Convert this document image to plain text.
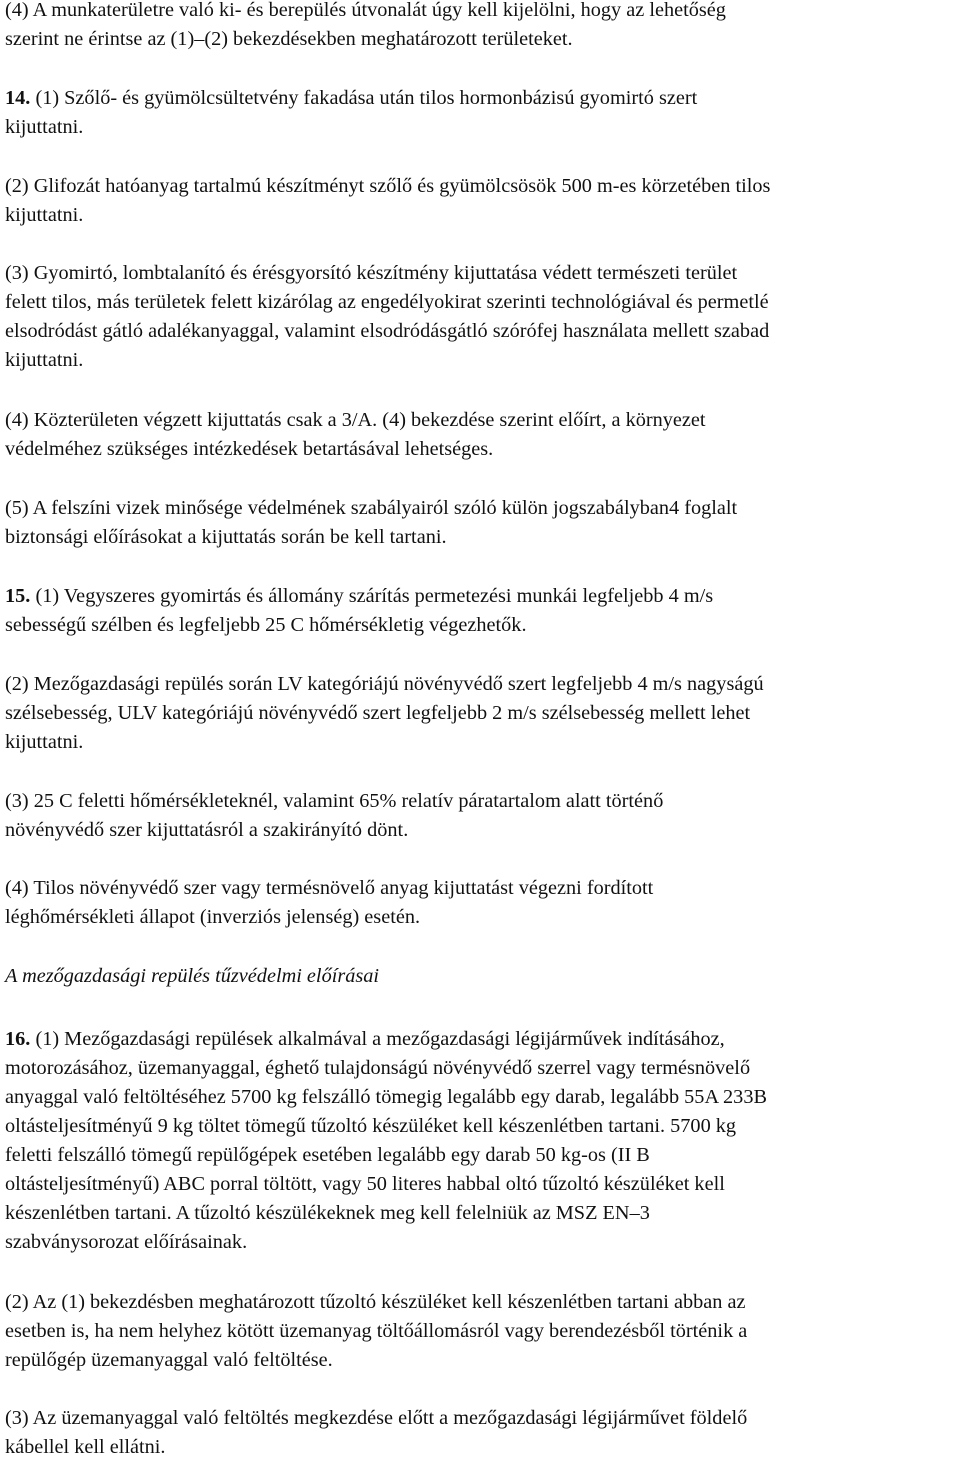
(4) A munkaterületre való ki- és berepülés útvonalát úgy kell kijelölni, hogy az lehetőség
szerint ne érintse az (1)–(2) bekezdésekben meghatározott területeket.

14. (1) Szőlő- és gyümölcsültetvény fakadása után tilos hormonbázisú gyomirtó szert
kijuttatni.

(2) Glifozát hatóanyag tartalmú készítményt szőlő és gyümölcsösök 500 m-es körzetében tilos
kijuttatni.

(3) Gyomirtó, lombtalanító és érésgyorsító készítmény kijuttatása védett természeti terület
felett tilos, más területek felett kizárólag az engedélyokirat szerinti technológiával és permetlé
elsodródást gátló adalékanyaggal, valamint elsodródásgátló szórófej használata mellett szabad
kijuttatni.

(4) Közterületen végzett kijuttatás csak a 3/A. (4) bekezdése szerint előírt, a környezet
védelméhez szükséges intézkedések betartásával lehetséges.

(5) A felszíni vizek minősége védelmének szabályairól szóló külön jogszabályban4 foglalt
biztonsági előírásokat a kijuttatás során be kell tartani.

15. (1) Vegyszeres gyomirtás és állomány szárítás permetezési munkái legfeljebb 4 m/s
sebességű szélben és legfeljebb 25 C hőmérsékletig végezhetők.

(2) Mezőgazdasági repülés során LV kategóriájú növényvédő szert legfeljebb 4 m/s nagyságú
szélsebesség, ULV kategóriájú növényvédő szert legfeljebb 2 m/s szélsebesség mellett lehet
kijuttatni.

(3) 25 C feletti hőmérsékleteknél, valamint 65% relatív páratartalom alatt történő
növényvédő szer kijuttatásról a szakirányító dönt.

(4) Tilos növényvédő szer vagy termésnövelő anyag kijuttatást végezni fordított
léghőmérsékleti állapot (inverziós jelenség) esetén.

A mezőgazdasági repülés tűzvédelmi előírásai

16. (1) Mezőgazdasági repülések alkalmával a mezőgazdasági légijárművek indításához,
motorozásához, üzemanyaggal, éghető tulajdonságú növényvédő szerrel vagy termésnövelő
anyaggal való feltöltéséhez 5700 kg felszálló tömegig legalább egy darab, legalább 55A 233B
oltásteljesítményű 9 kg töltet tömegű tűzoltó készüléket kell készenlétben tartani. 5700 kg
feletti felszálló tömegű repülőgépek esetében legalább egy darab 50 kg-os (II B
oltásteljesítményű) ABC porral töltött, vagy 50 literes habbal oltó tűzoltó készüléket kell
készenlétben tartani. A tűzoltó készülékeknek meg kell felelniük az MSZ EN–3
szabványsorozat előírásainak.

(2) Az (1) bekezdésben meghatározott tűzoltó készüléket kell készenlétben tartani abban az
esetben is, ha nem helyhez kötött üzemanyag töltőállomásról vagy berendezésből történik a
repülőgép üzemanyaggal való feltöltése.

(3) Az üzemanyaggal való feltöltés megkezdése előtt a mezőgazdasági légijárművet földelő
kábellel kell ellátni.
